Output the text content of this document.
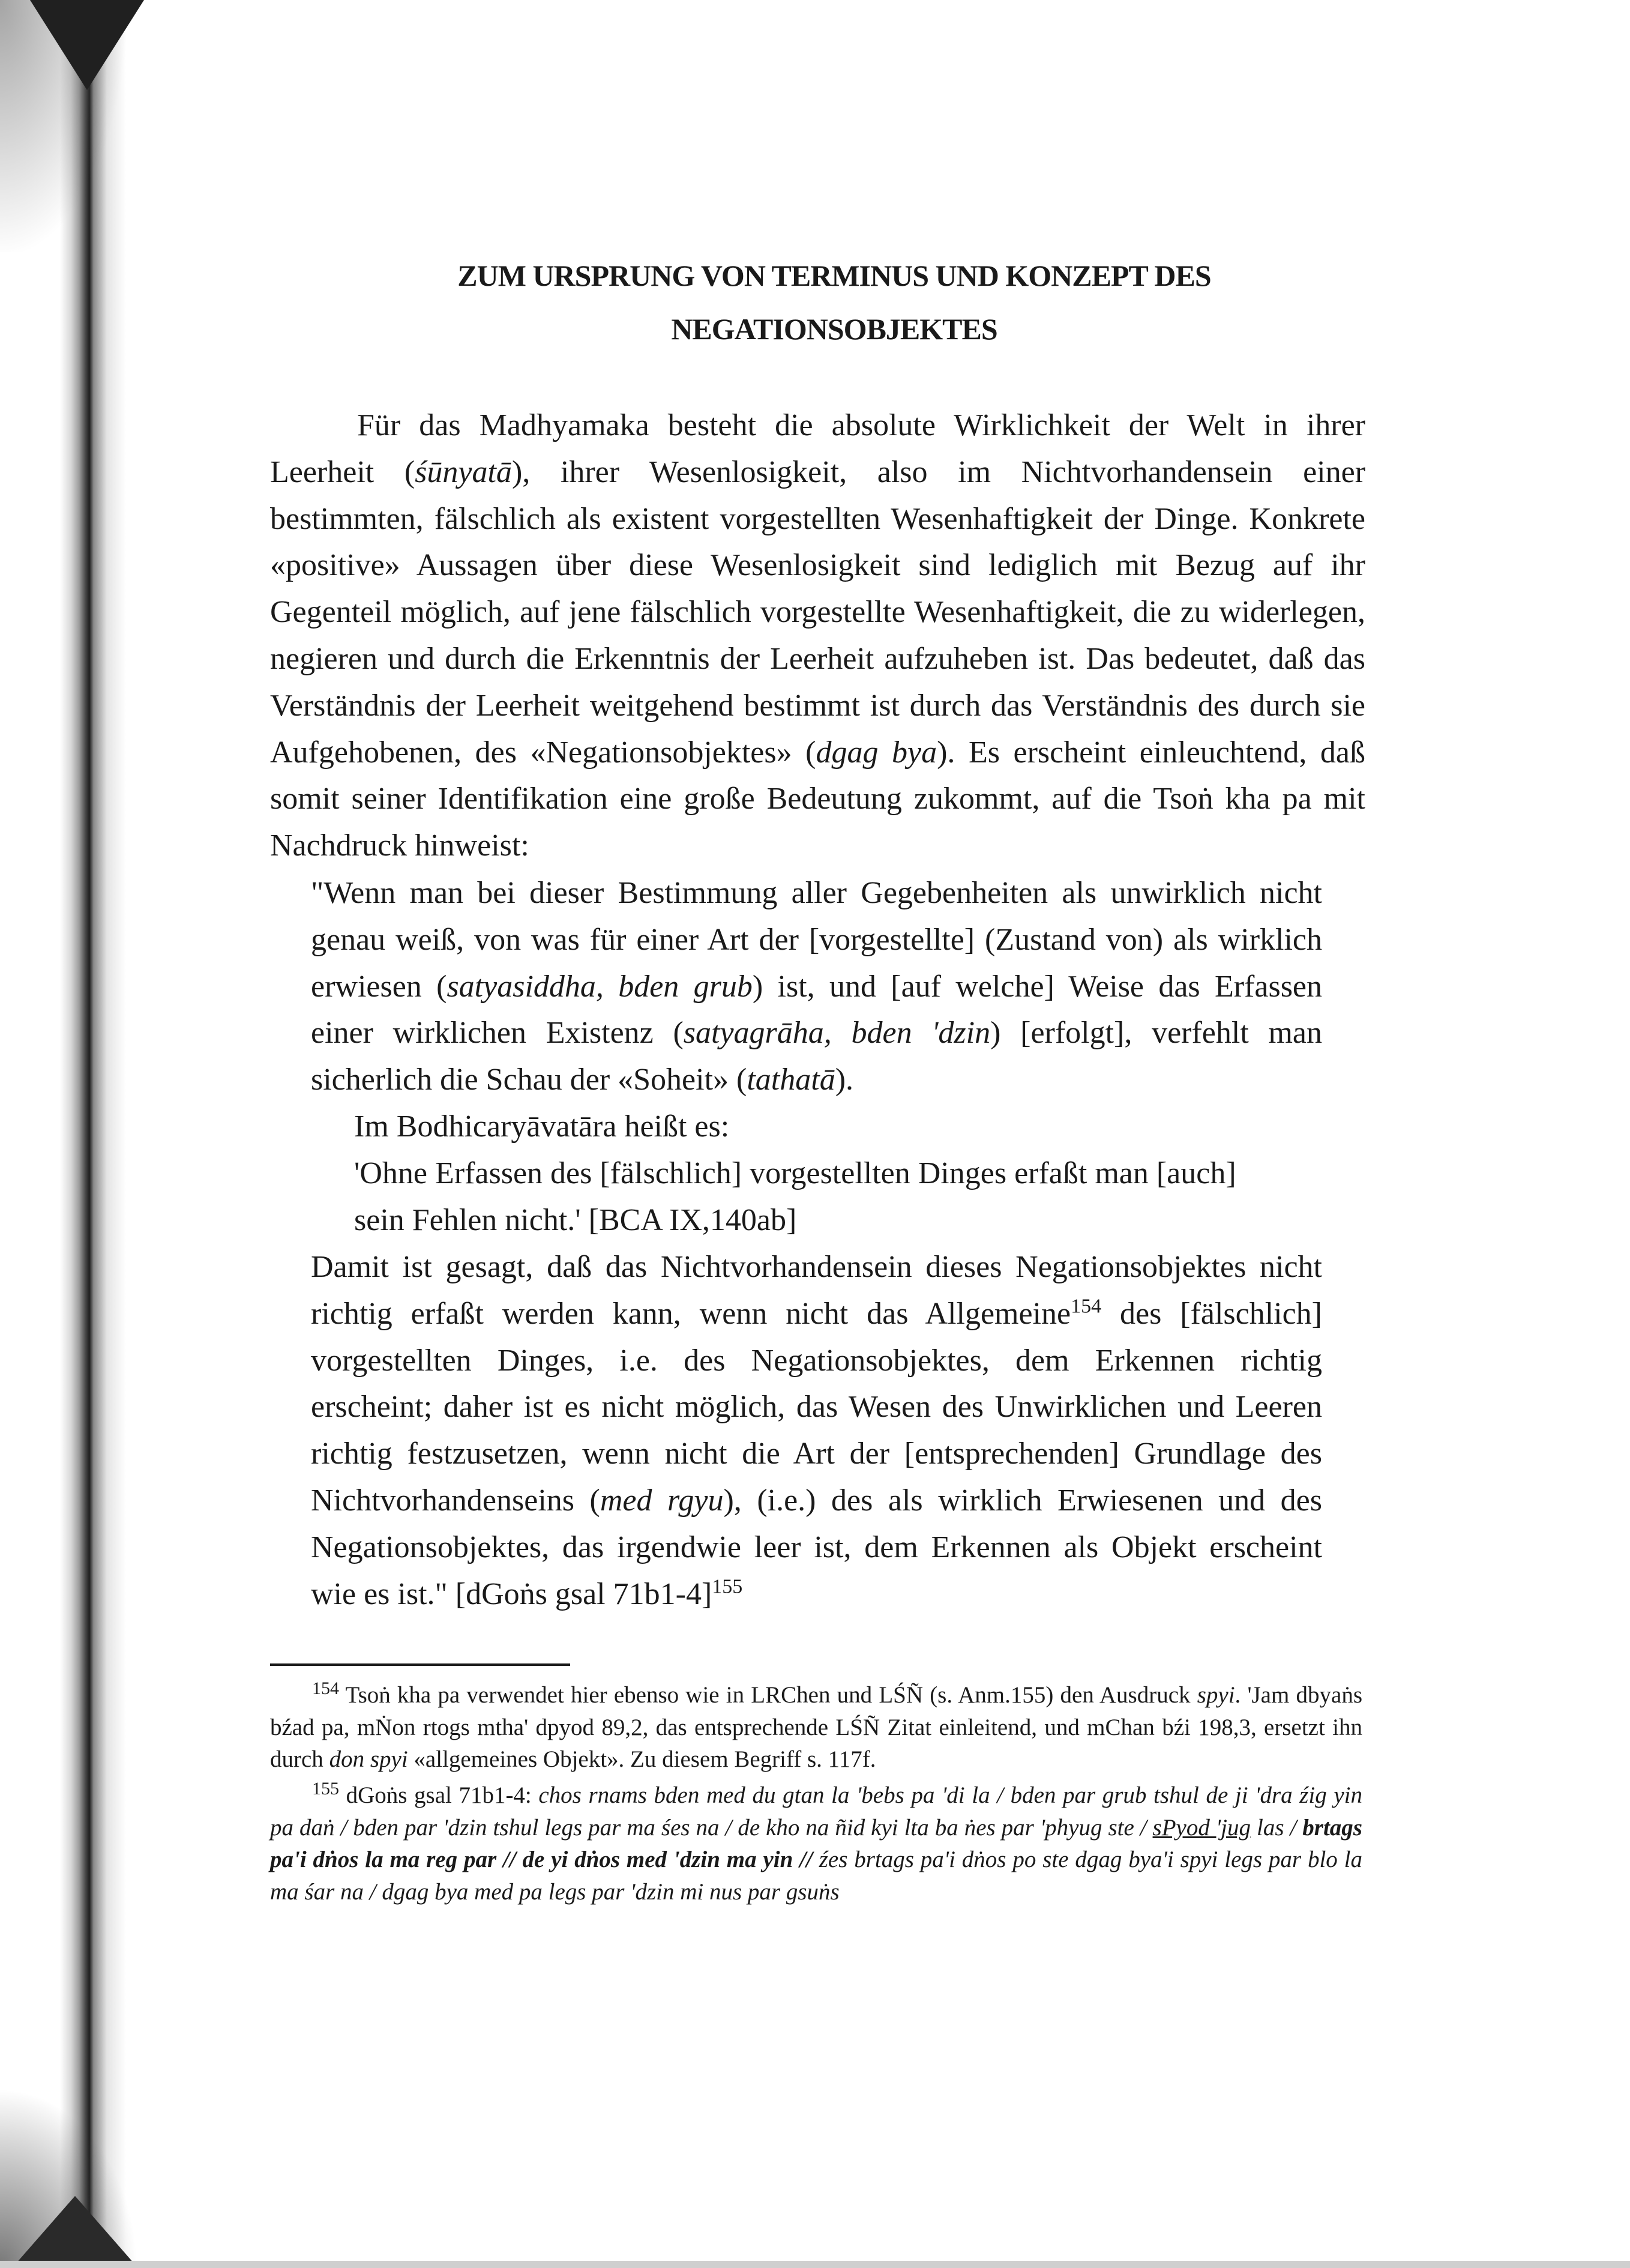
ZUM URSPRUNG VON TERMINUS UND KONZEPT DES
NEGATIONSOBJEKTES
Für das Madhyamaka besteht die absolute Wirklichkeit der Welt in ihrer Leerheit (śūnyatā), ihrer Wesenlosigkeit, also im Nichtvorhandensein einer bestimmten, fälschlich als existent vorgestellten Wesenhaftigkeit der Dinge. Konkrete «positive» Aussagen über diese Wesenlosigkeit sind lediglich mit Bezug auf ihr Gegenteil möglich, auf jene fälschlich vorgestellte Wesenhaftigkeit, die zu widerlegen, negieren und durch die Erkenntnis der Leerheit aufzuheben ist. Das bedeutet, daß das Verständnis der Leerheit weitgehend bestimmt ist durch das Verständnis des durch sie Aufgehobenen, des «Negationsobjektes» (dgag bya). Es erscheint einleuchtend, daß somit seiner Identifikation eine große Bedeutung zukommt, auf die Tsoṅ kha pa mit Nachdruck hinweist:
"Wenn man bei dieser Bestimmung aller Gegebenheiten als unwirklich nicht genau weiß, von was für einer Art der [vorgestellte] (Zustand von) als wirklich erwiesen (satyasiddha, bden grub) ist, und [auf welche] Weise das Erfassen einer wirklichen Existenz (satyagrāha, bden 'dzin) [erfolgt], verfehlt man sicherlich die Schau der «Soheit» (tathatā).
Im Bodhicaryāvatāra heißt es:
'Ohne Erfassen des [fälschlich] vorgestellten Dinges erfaßt man [auch]
sein Fehlen nicht.' [BCA IX,140ab]
Damit ist gesagt, daß das Nichtvorhandensein dieses Negationsobjektes nicht richtig erfaßt werden kann, wenn nicht das Allgemeine$^{154}$ des [fälschlich] vorgestellten Dinges, i.e. des Negationsobjektes, dem Erkennen richtig erscheint; daher ist es nicht möglich, das Wesen des Unwirklichen und Leeren richtig festzusetzen, wenn nicht die Art der [entsprechenden] Grundlage des Nichtvorhandenseins (med rgyu), (i.e.) des als wirklich Erwiesenen und des Negationsobjektes, das irgendwie leer ist, dem Erkennen als Objekt erscheint wie es ist." [dGoṅs gsal 71b1-4]$^{155}$
$^{154}$ Tsoṅ kha pa verwendet hier ebenso wie in LRChen und LŚÑ (s. Anm.155) den Ausdruck spyi. 'Jam dbyaṅs bźad pa, mṄon rtogs mtha' dpyod 89,2, das entsprechende LŚÑ Zitat einleitend, und mChan bźi 198,3, ersetzt ihn durch don spyi «allgemeines Objekt». Zu diesem Begriff s. 117f.
$^{155}$ dGoṅs gsal 71b1-4: chos rnams bden med du gtan la 'bebs pa 'di la / bden par grub tshul de ji 'dra źig yin pa daṅ / bden par 'dzin tshul legs par ma śes na / de kho na ñid kyi lta ba ṅes par 'phyug ste / sPyod 'jug las / brtags pa'i dṅos la ma reg par // de yi dṅos med 'dzin ma yin // źes brtags pa'i dṅos po ste dgag bya'i spyi legs par blo la ma śar na / dgag bya med pa legs par 'dzin mi nus par gsuṅs
